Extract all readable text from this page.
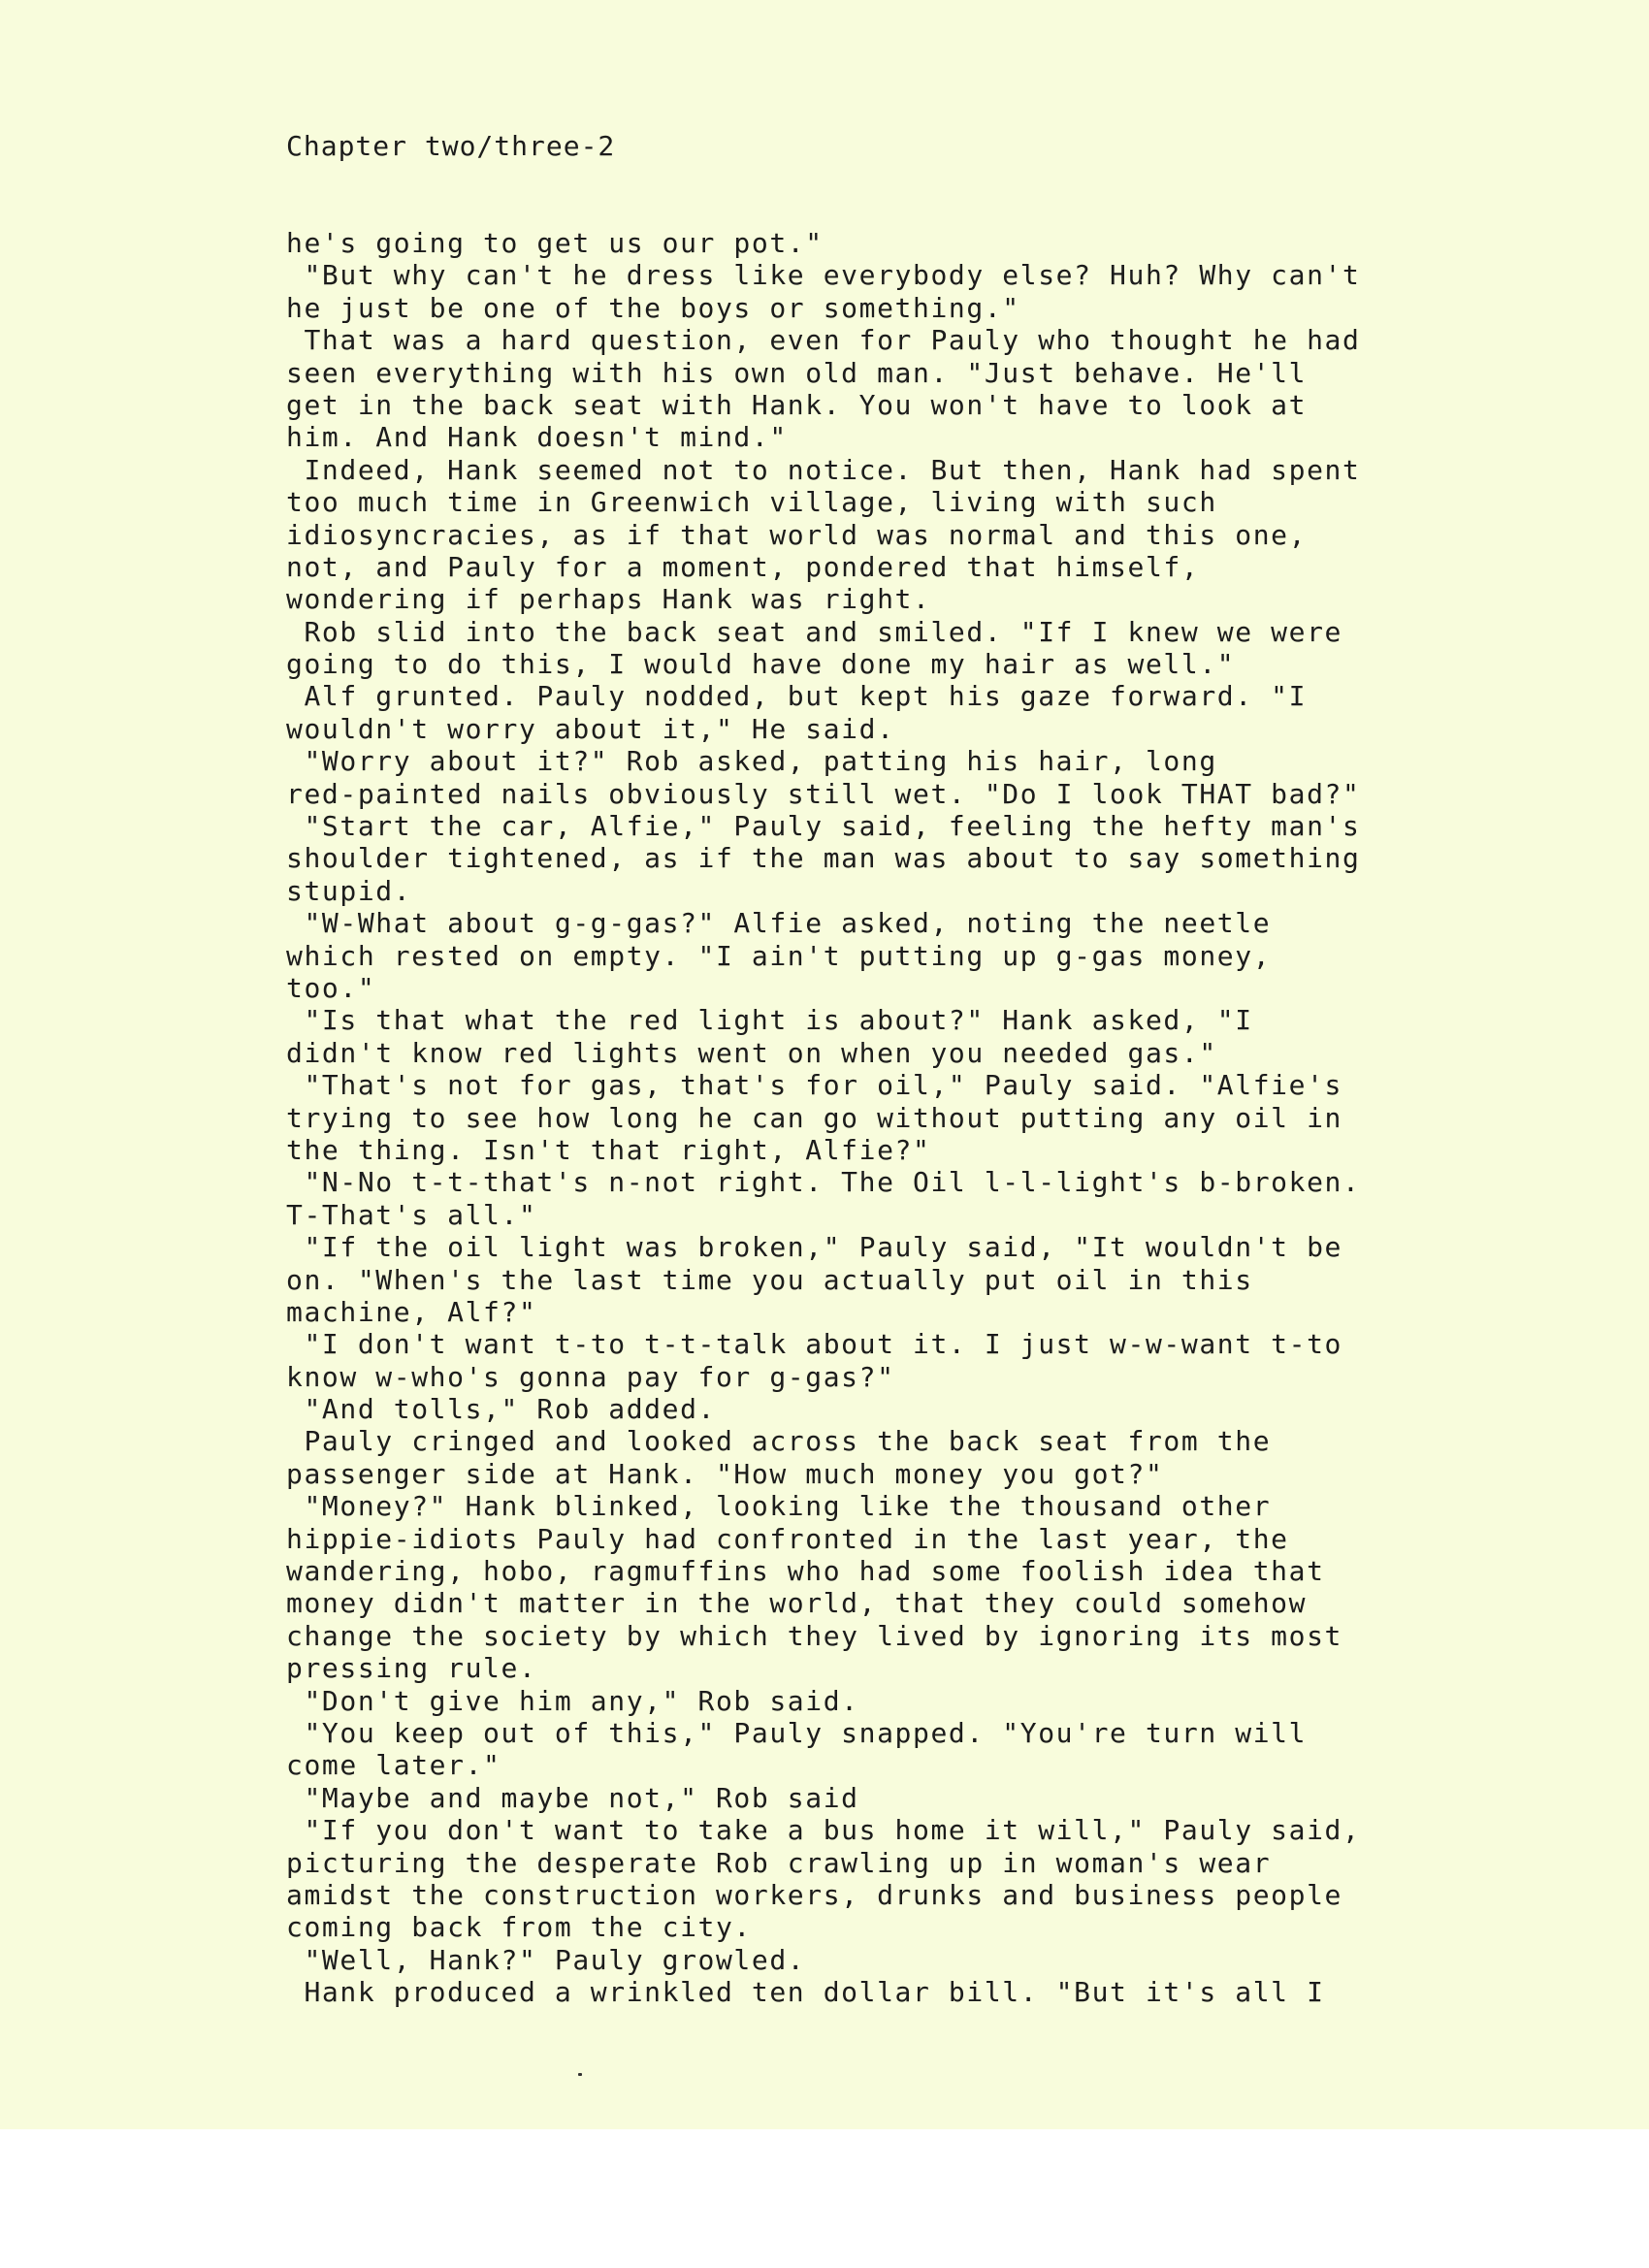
Chapter two/three-2
he's going to get us our pot."
"But why can't he dress like everybody else? Huh? Why can't
he just be one of the boys or something."
That was a hard question, even for Pauly who thought he had
seen everything with his own old man. "Just behave. He'll
get in the back seat with Hank. You won't have to look at
him. And Hank doesn't mind."
Indeed, Hank seemed not to notice. But then, Hank had spent
too much time in Greenwich village, living with such
idiosyncracies, as if that world was normal and this one,
not, and Pauly for a moment, pondered that himself,
wondering if perhaps Hank was right.
Rob slid into the back seat and smiled. "If I knew we were
going to do this, I would have done my hair as well."
Alf grunted. Pauly nodded, but kept his gaze forward. "I
wouldn't worry about it," He said.
"Worry about it?" Rob asked, patting his hair, long
red-painted nails obviously still wet. "Do I look THAT bad?"
"Start the car, Alfie," Pauly said, feeling the hefty man's
shoulder tightened, as if the man was about to say something
stupid.
"W-What about g-g-gas?" Alfie asked, noting the neetle
which rested on empty. "I ain't putting up g-gas money,
too."
"Is that what the red light is about?" Hank asked, "I
didn't know red lights went on when you needed gas."
"That's not for gas, that's for oil," Pauly said. "Alfie's
trying to see how long he can go without putting any oil in
the thing. Isn't that right, Alfie?"
"N-No t-t-that's n-not right. The Oil l-l-light's b-broken.
T-That's all."
"If the oil light was broken," Pauly said, "It wouldn't be
on. "When's the last time you actually put oil in this
machine, Alf?"
"I don't want t-to t-t-talk about it. I just w-w-want t-to
know w-who's gonna pay for g-gas?"
"And tolls," Rob added.
Pauly cringed and looked across the back seat from the
passenger side at Hank. "How much money you got?"
"Money?" Hank blinked, looking like the thousand other
hippie-idiots Pauly had confronted in the last year, the
wandering, hobo, ragmuffins who had some foolish idea that
money didn't matter in the world, that they could somehow
change the society by which they lived by ignoring its most
pressing rule.
"Don't give him any," Rob said.
"You keep out of this," Pauly snapped. "You're turn will
come later."
"Maybe and maybe not," Rob said
"If you don't want to take a bus home it will," Pauly said,
picturing the desperate Rob crawling up in woman's wear
amidst the construction workers, drunks and business people
coming back from the city.
"Well, Hank?" Pauly growled.
Hank produced a wrinkled ten dollar bill. "But it's all I
